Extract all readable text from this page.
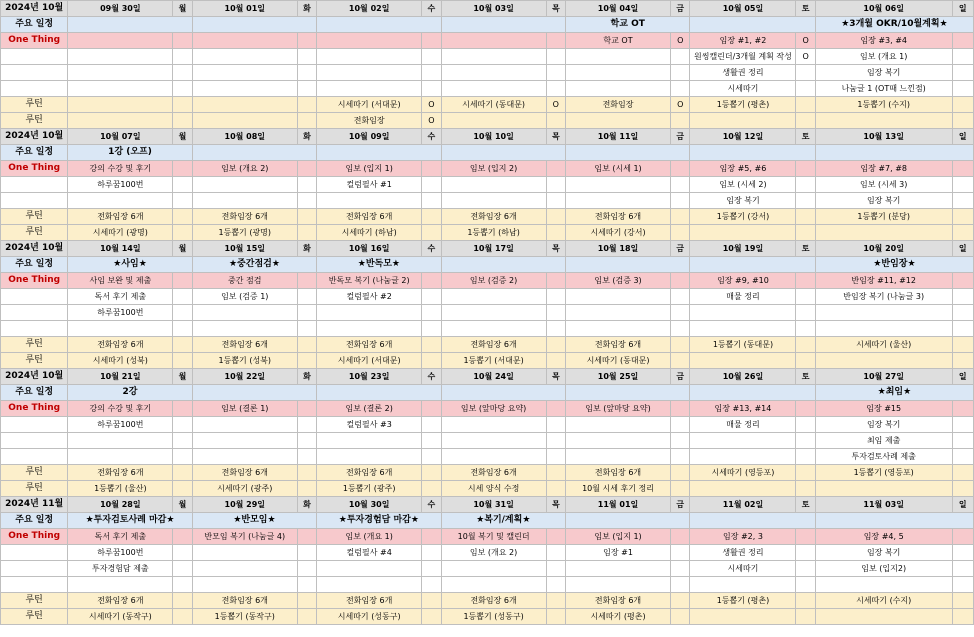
2024년 10월	09월 30일	월	10월 01일	화	10월 02일	수	10월 03일	목	10월 04일	금	10월 05일	토	10월 06일	일
주요 일정									학교 OT				★3개월 OKR/10월계획★	
One Thing									학교 OT	O	임장 #1, #2	O	임장 #3, #4	
											원씽캘린더/3개월 계획 작성	O	임보 (개요 1)	
											생활권 정리		임장 복기	
											시세따기		나눔글 1 (OT때 느낀점)	
루틴					시세따기 (서대문)	O	시세따기 (동대문)	O	전화임장	O	1등뽑기 (평촌)		1등뽑기 (수지)	
루틴					전화임장	O								
2024년 10월	10월 07일	월	10월 08일	화	10월 09일	수	10월 10일	목	10월 11일	금	10월 12일	토	10월 13일	일
주요 일정	1강 (오프)													
One Thing	강의 수강 및 후기		임보 (개요 2)		임보 (입지 1)		임보 (입지 2)		임보 (시세 1)		임장 #5, #6		임장 #7, #8	
	하루꿈100번				컬럼필사 #1						임보 (시세 2)		임보 (시세 3)	
											임장 복기		임장 복기	
루틴	전화임장 6개		전화임장 6개		전화임장 6개		전화임장 6개		전화임장 6개		1등뽑기 (강서)		1등뽑기 (분당)	
루틴	시세따기 (광명)		1등뽑기 (광명)		시세따기 (하남)		1등뽑기 (하남)		시세따기 (강서)					
2024년 10월	10월 14일	월	10월 15일	화	10월 16일	수	10월 17일	목	10월 18일	금	10월 19일	토	10월 20일	일
주요 일정	★사임★		★중간점검★		★반독모★								★반임장★	
One Thing	사임 보완 및 제출		중간 점검		반독모 복기 (나눔글 2)		임보 (검증 2)		임보 (검증 3)		임장 #9, #10		반임장 #11, #12	
	독서 후기 제출		임보 (검증 1)		컬럼필사 #2						매물 정리		반임장 복기 (나눔글 3)	
	하루꿈100번													

루틴	전화임장 6개		전화임장 6개		전화임장 6개		전화임장 6개		전화임장 6개		1등뽑기 (동대문)		시세따기 (울산)	
루틴	시세따기 (성북)		1등뽑기 (성북)		시세따기 (서대문)		1등뽑기 (서대문)		시세따기 (동대문)					
2024년 10월	10월 21일	월	10월 22일	화	10월 23일	수	10월 24일	목	10월 25일	금	10월 26일	토	10월 27일	일
주요 일정	2강												★최임★	
One Thing	강의 수강 및 후기		임보 (결론 1)		임보 (결론 2)		임보 (앞마당 요약)		임보 (앞마당 요약)		임장 #13, #14		임장 #15	
	하루꿈100번				컬럼필사 #3						매물 정리		임장 복기	
													최임 제출	
													투자검토사례 제출	
루틴	전화임장 6개		전화임장 6개		전화임장 6개		전화임장 6개		전화임장 6개		시세따기 (영등포)		1등뽑기 (영등포)	
루틴	1등뽑기 (울산)		시세따기 (광주)		1등뽑기 (광주)		시세 양식 수정		10월 시세 후기 정리					
2024년 11월	10월 28일	월	10월 29일	화	10월 30일	수	10월 31일	목	11월 01일	금	11월 02일	토	11월 03일	일
주요 일정	★투자검토사례 마감★		★반모임★		★투자경험담 마감★		★복기/계획★							
One Thing	독서 후기 제출		반모임 복기 (나눔글 4)		임보 (개요 1)		10월 복기 및 캘린더		임보 (입지 1)		임장 #2, 3		임장 #4, 5	
	하루꿈100번				컬럼필사 #4		임보 (개요 2)		임장 #1		생활권 정리		임장 복기	
	투자경험담 제출										시세따기		임보 (입지2)	

루틴	전화임장 6개		전화임장 6개		전화임장 6개		전화임장 6개		전화임장 6개		1등뽑기 (평촌)		시세따기 (수지)	
루틴	시세따기 (동작구)		1등뽑기 (동작구)		시세따기 (성동구)		1등뽑기 (성동구)		시세따기 (평촌)					
